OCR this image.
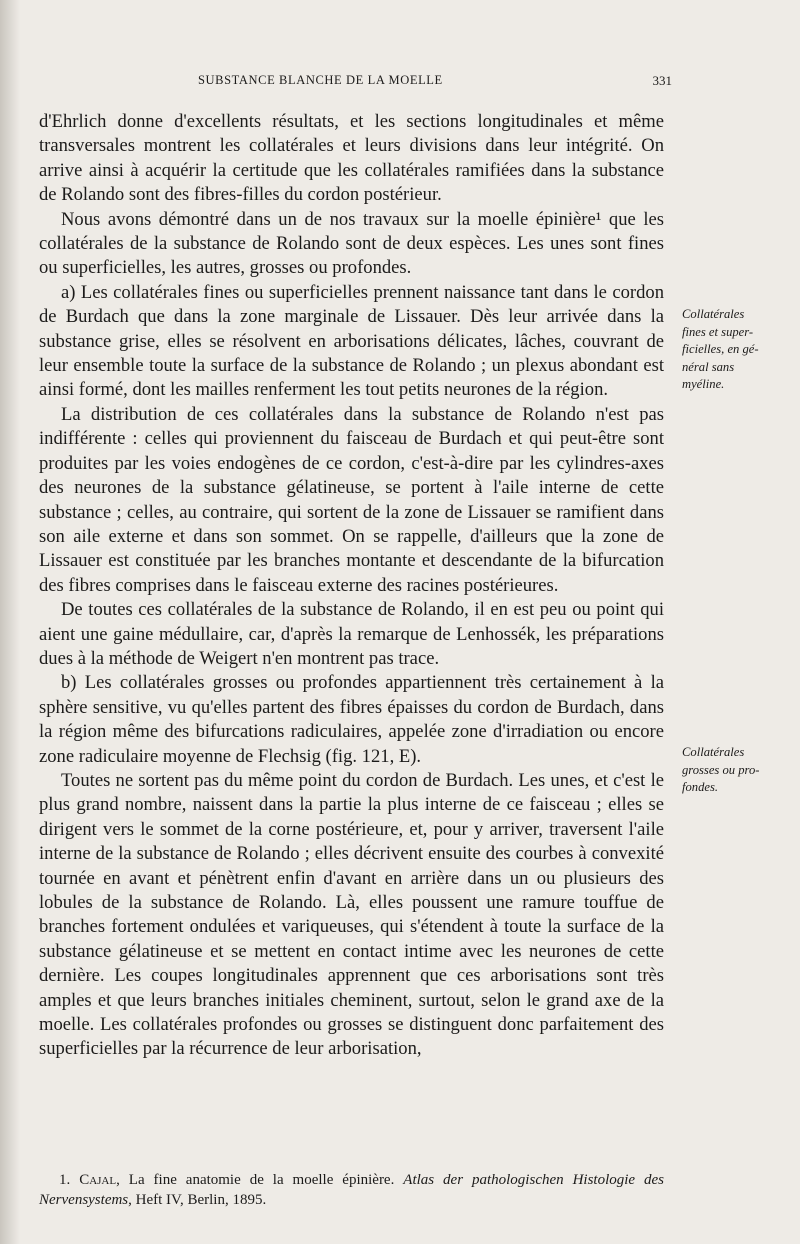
SUBSTANCE BLANCHE DE LA MOELLE	331

d'Ehrlich donne d'excellents résultats, et les sections longitudinales et même transversales montrent les collatérales et leurs divisions dans leur intégrité. On arrive ainsi à acquérir la certitude que les collatérales ramifiées dans la substance de Rolando sont des fibres-filles du cordon postérieur.

Nous avons démontré dans un de nos travaux sur la moelle épinière¹ que les collatérales de la substance de Rolando sont de deux espèces. Les unes sont fines ou superficielles, les autres, grosses ou profondes.

a) Les collatérales fines ou superficielles prennent naissance tant dans le cordon de Burdach que dans la zone marginale de Lissauer. Dès leur arrivée dans la substance grise, elles se résolvent en arborisations délicates, lâches, couvrant de leur ensemble toute la surface de la substance de Rolando ; un plexus abondant est ainsi formé, dont les mailles renferment les tout petits neurones de la région.

La distribution de ces collatérales dans la substance de Rolando n'est pas indifférente : celles qui proviennent du faisceau de Burdach et qui peut-être sont produites par les voies endogènes de ce cordon, c'est-à-dire par les cylindres-axes des neurones de la substance gélatineuse, se portent à l'aile interne de cette substance ; celles, au contraire, qui sortent de la zone de Lissauer se ramifient dans son aile externe et dans son sommet. On se rappelle, d'ailleurs que la zone de Lissauer est constituée par les branches montante et descendante de la bifurcation des fibres comprises dans le faisceau externe des racines postérieures.

De toutes ces collatérales de la substance de Rolando, il en est peu ou point qui aient une gaine médullaire, car, d'après la remarque de Lenhossék, les préparations dues à la méthode de Weigert n'en montrent pas trace.

b) Les collatérales grosses ou profondes appartiennent très certainement à la sphère sensitive, vu qu'elles partent des fibres épaisses du cordon de Burdach, dans la région même des bifurcations radiculaires, appelée zone d'irradiation ou encore zone radiculaire moyenne de Flechsig (fig. 121, E).

Toutes ne sortent pas du même point du cordon de Burdach. Les unes, et c'est le plus grand nombre, naissent dans la partie la plus interne de ce faisceau ; elles se dirigent vers le sommet de la corne postérieure, et, pour y arriver, traversent l'aile interne de la substance de Rolando ; elles décrivent ensuite des courbes à convexité tournée en avant et pénètrent enfin d'avant en arrière dans un ou plusieurs des lobules de la substance de Rolando. Là, elles poussent une ramure touffue de branches fortement ondulées et variqueuses, qui s'étendent à toute la surface de la substance gélatineuse et se mettent en contact intime avec les neurones de cette dernière. Les coupes longitudinales apprennent que ces arborisations sont très amples et que leurs branches initiales cheminent, surtout, selon le grand axe de la moelle. Les collatérales profondes ou grosses se distinguent donc parfaitement des superficielles par la récurrence de leur arborisation,

Collatérales
fines et super-
ficielles, en gé-
néral sans
myéline.
Collatérales
grosses ou pro-
fondes.
1. Cajal, La fine anatomie de la moelle épinière. Atlas der pathologischen Histologie des Nervensystems, Heft IV, Berlin, 1895.
